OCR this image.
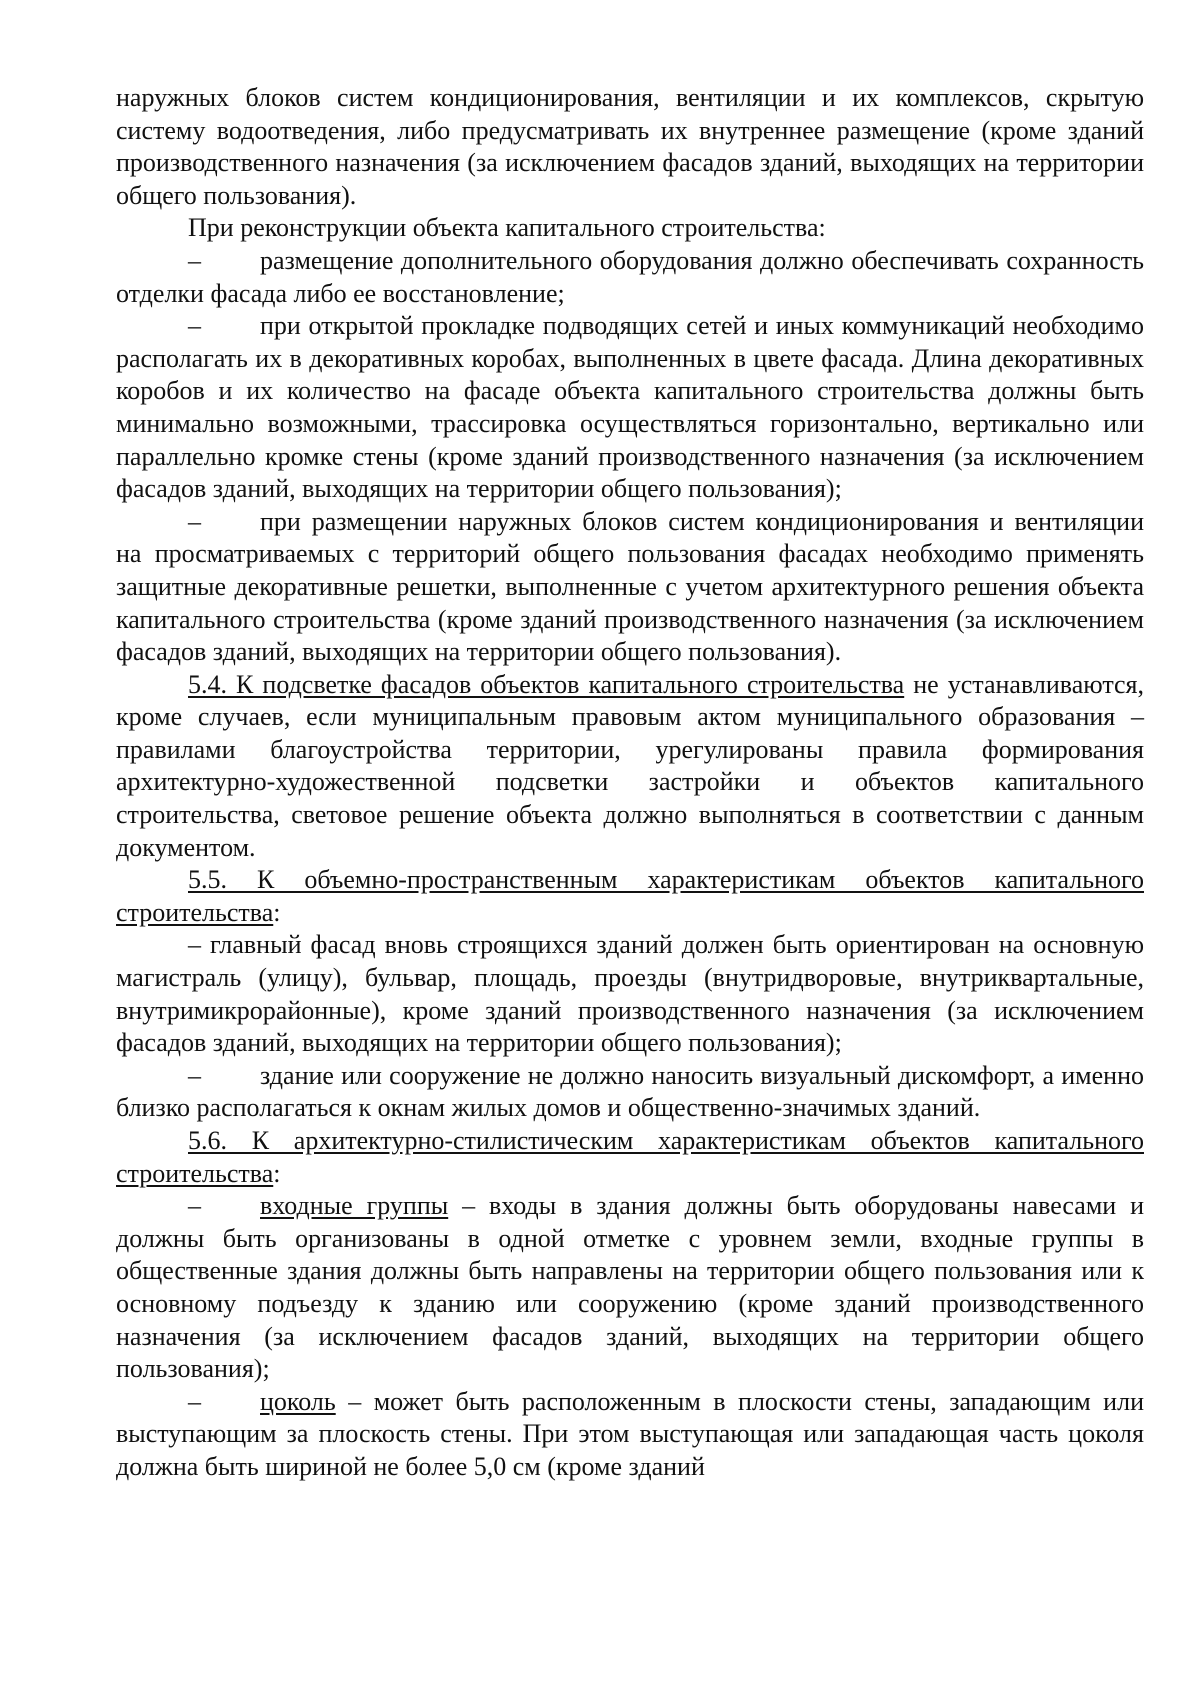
наружных блоков систем кондиционирования, вентиляции и их комплексов, скрытую систему водоотведения, либо предусматривать их внутреннее размещение (кроме зданий производственного назначения (за исключением фасадов зданий, выходящих на территории общего пользования).

При реконструкции объекта капитального строительства:

– размещение дополнительного оборудования должно обеспечивать сохранность отделки фасада либо ее восстановление;

– при открытой прокладке подводящих сетей и иных коммуникаций необходимо располагать их в декоративных коробах, выполненных в цвете фасада. Длина декоративных коробов и их количество на фасаде объекта капитального строительства должны быть минимально возможными, трассировка осуществляться горизонтально, вертикально или параллельно кромке стены (кроме зданий производственного назначения (за исключением фасадов зданий, выходящих на территории общего пользования);

– при размещении наружных блоков систем кондиционирования и вентиляции на просматриваемых с территорий общего пользования фасадах необходимо применять защитные декоративные решетки, выполненные с учетом архитектурного решения объекта капитального строительства (кроме зданий производственного назначения (за исключением фасадов зданий, выходящих на территории общего пользования).

5.4. К подсветке фасадов объектов капитального строительства не устанавливаются, кроме случаев, если муниципальным правовым актом муниципального образования – правилами благоустройства территории, урегулированы правила формирования архитектурно-художественной подсветки застройки и объектов капитального строительства, световое решение объекта должно выполняться в соответствии с данным документом.

5.5. К объемно-пространственным характеристикам объектов капитального строительства:

– главный фасад вновь строящихся зданий должен быть ориентирован на основную магистраль (улицу), бульвар, площадь, проезды (внутридворовые, внутриквартальные, внутримикрорайонные), кроме зданий производственного назначения (за исключением фасадов зданий, выходящих на территории общего пользования);

– здание или сооружение не должно наносить визуальный дискомфорт, а именно близко располагаться к окнам жилых домов и общественно-значимых зданий.

5.6. К архитектурно-стилистическим характеристикам объектов капитального строительства:

– входные группы – входы в здания должны быть оборудованы навесами и должны быть организованы в одной отметке с уровнем земли, входные группы в общественные здания должны быть направлены на территории общего пользования или к основному подъезду к зданию или сооружению (кроме зданий производственного назначения (за исключением фасадов зданий, выходящих на территории общего пользования);

– цоколь – может быть расположенным в плоскости стены, западающим или выступающим за плоскость стены. При этом выступающая или западающая часть цоколя должна быть шириной не более 5,0 см (кроме зданий
